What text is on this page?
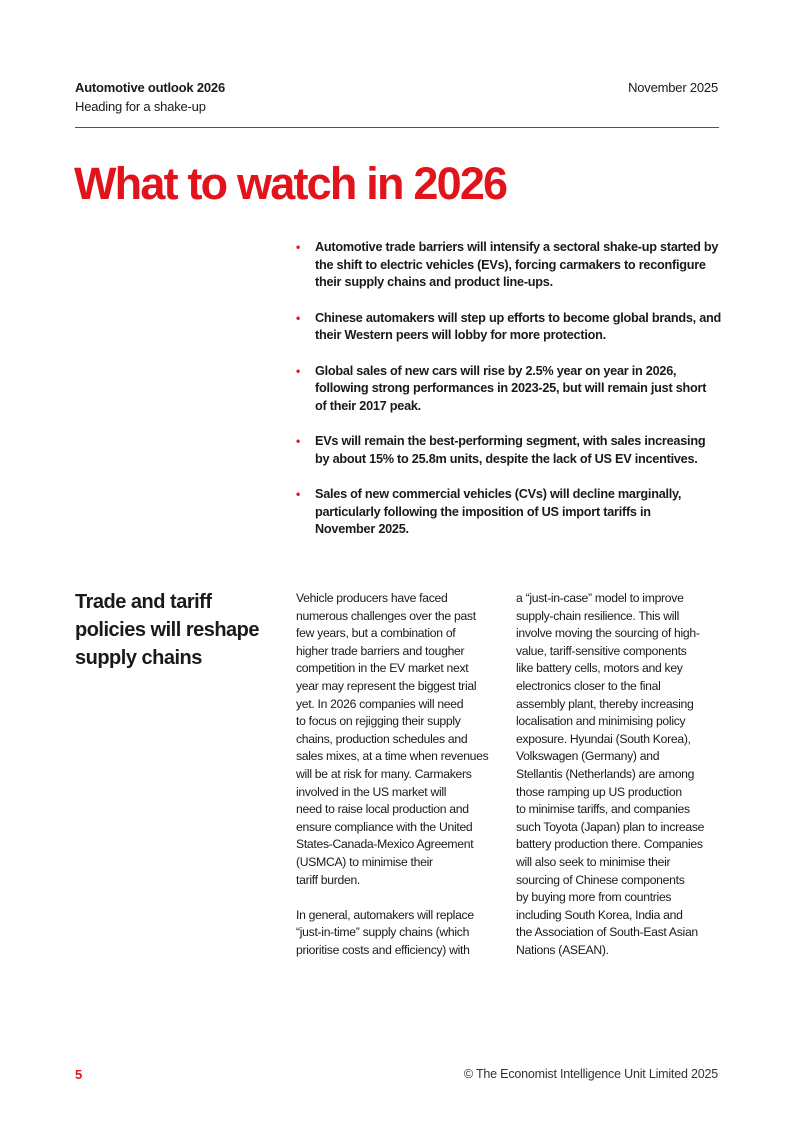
Automotive outlook 2026
Heading for a shake-up
November 2025
What to watch in 2026
• Automotive trade barriers will intensify a sectoral shake-up started by
the shift to electric vehicles (EVs), forcing carmakers to reconfigure
their supply chains and product line-ups.
• Chinese automakers will step up efforts to become global brands, and
their Western peers will lobby for more protection.
• Global sales of new cars will rise by 2.5% year on year in 2026,
following strong performances in 2023-25, but will remain just short
of their 2017 peak.
• EVs will remain the best-performing segment, with sales increasing
by about 15% to 25.8m units, despite the lack of US EV incentives.
• Sales of new commercial vehicles (CVs) will decline marginally,
particularly following the imposition of US import tariffs in
November 2025.
Trade and tariff
policies will reshape
supply chains

Vehicle producers have faced
numerous challenges over the past
few years, but a combination of
higher trade barriers and tougher
competition in the EV market next
year may represent the biggest trial
yet. In 2026 companies will need
to focus on rejigging their supply
chains, production schedules and
sales mixes, at a time when revenues
will be at risk for many. Carmakers
involved in the US market will
need to raise local production and
ensure compliance with the United
States-Canada-Mexico Agreement
(USMCA) to minimise their
tariff burden.

In general, automakers will replace
“just-in-time” supply chains (which
prioritise costs and efficiency) with

a “just-in-case” model to improve
supply-chain resilience. This will
involve moving the sourcing of high-
value, tariff-sensitive components
like battery cells, motors and key
electronics closer to the final
assembly plant, thereby increasing
localisation and minimising policy
exposure. Hyundai (South Korea),
Volkswagen (Germany) and
Stellantis (Netherlands) are among
those ramping up US production
to minimise tariffs, and companies
such Toyota (Japan) plan to increase
battery production there. Companies
will also seek to minimise their
sourcing of Chinese components
by buying more from countries
including South Korea, India and
the Association of South-East Asian
Nations (ASEAN).

5	© The Economist Intelligence Unit Limited 2025
